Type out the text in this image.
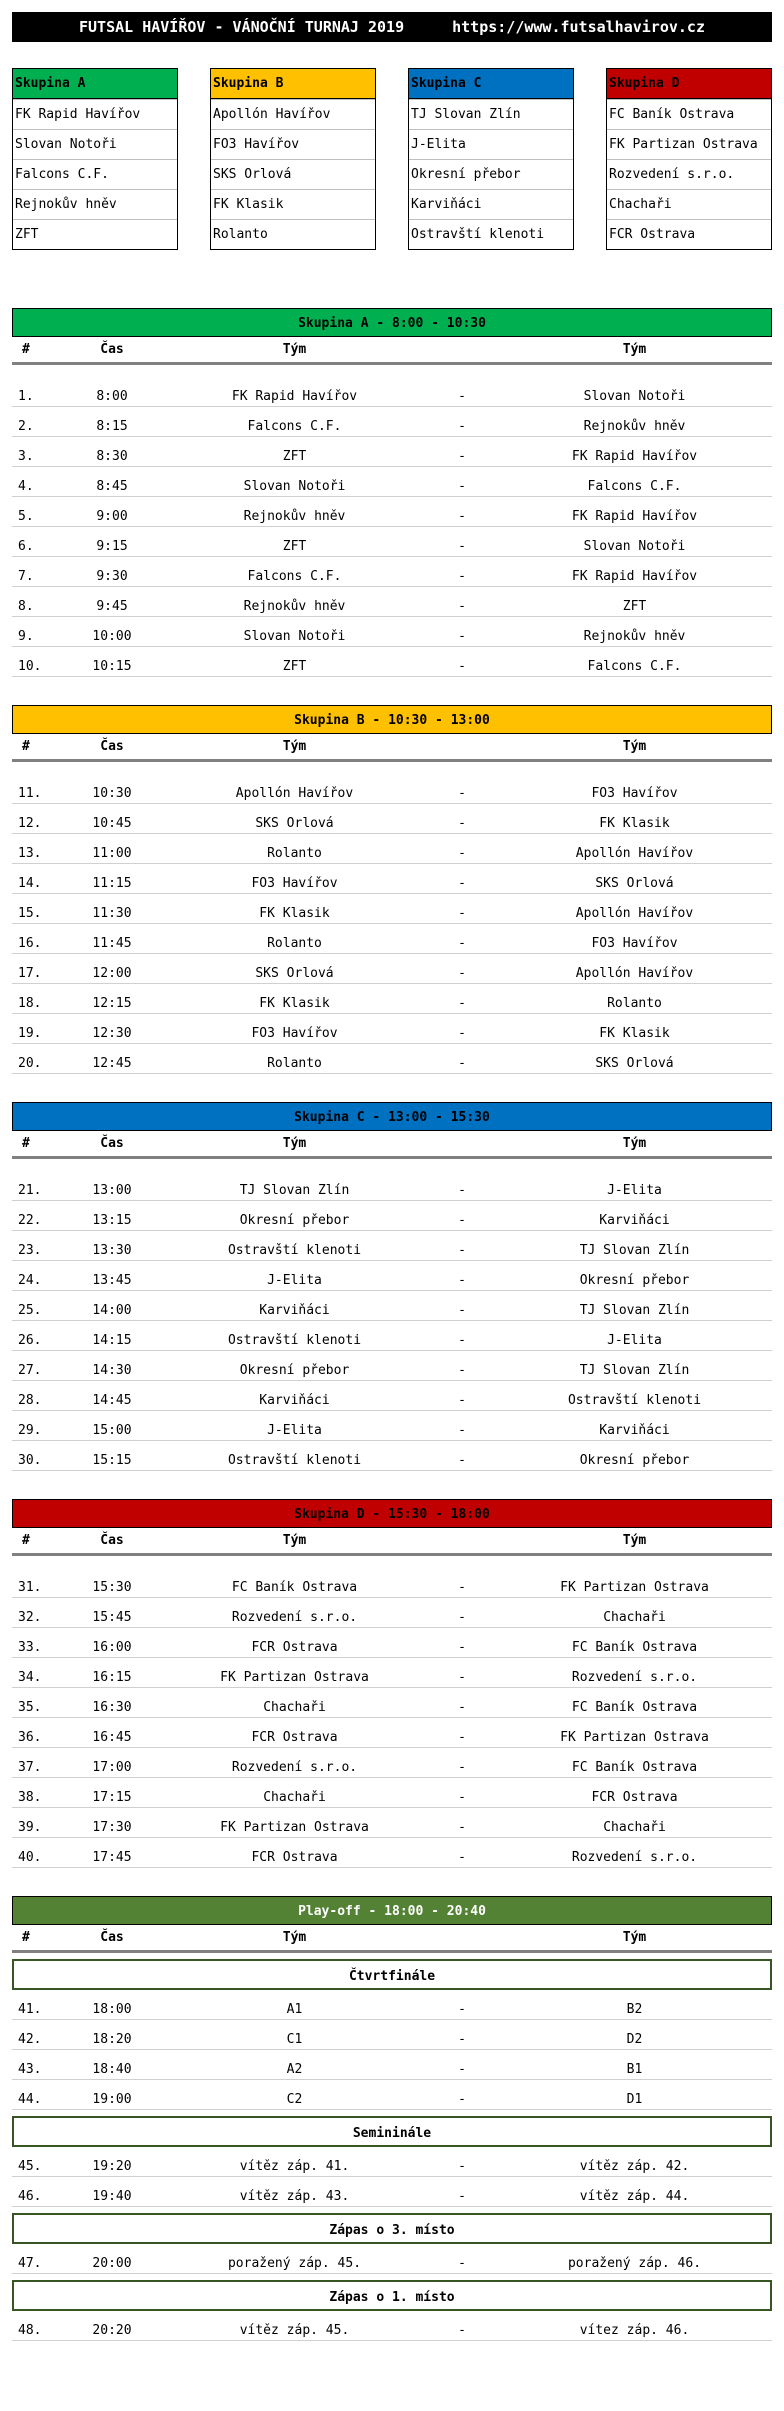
FUTSAL HAVÍŘOV - VÁNOČNÍ TURNAJ 2019	https://www.futsalhavirov.cz
Skupina A
FK Rapid Havířov
Slovan Notoři
Falcons C.F.
Rejnokův hněv
ZFT
Skupina B
Apollón Havířov
FO3 Havířov
SKS Orlová
FK Klasik
Rolanto
Skupina C
TJ Slovan Zlín
J-Elita
Okresní přebor
Karviňáci
Ostravští klenoti
Skupina D
FC Baník Ostrava
FK Partizan Ostrava
Rozvedení s.r.o.
Chachaři
FCR Ostrava
Skupina A - 8:00 - 10:30
#	Čas	Tým	Tým
1.	8:00	FK Rapid Havířov	-	Slovan Notoři
2.	8:15	Falcons C.F.	-	Rejnokův hněv
3.	8:30	ZFT	-	FK Rapid Havířov
4.	8:45	Slovan Notoři	-	Falcons C.F.
5.	9:00	Rejnokův hněv	-	FK Rapid Havířov
6.	9:15	ZFT	-	Slovan Notoři
7.	9:30	Falcons C.F.	-	FK Rapid Havířov
8.	9:45	Rejnokův hněv	-	ZFT
9.	10:00	Slovan Notoři	-	Rejnokův hněv
10.	10:15	ZFT	-	Falcons C.F.
Skupina B - 10:30 - 13:00
#	Čas	Tým	Tým
11.	10:30	Apollón Havířov	-	FO3 Havířov
12.	10:45	SKS Orlová	-	FK Klasik
13.	11:00	Rolanto	-	Apollón Havířov
14.	11:15	FO3 Havířov	-	SKS Orlová
15.	11:30	FK Klasik	-	Apollón Havířov
16.	11:45	Rolanto	-	FO3 Havířov
17.	12:00	SKS Orlová	-	Apollón Havířov
18.	12:15	FK Klasik	-	Rolanto
19.	12:30	FO3 Havířov	-	FK Klasik
20.	12:45	Rolanto	-	SKS Orlová
Skupina C - 13:00 - 15:30
#	Čas	Tým	Tým
21.	13:00	TJ Slovan Zlín	-	J-Elita
22.	13:15	Okresní přebor	-	Karviňáci
23.	13:30	Ostravští klenoti	-	TJ Slovan Zlín
24.	13:45	J-Elita	-	Okresní přebor
25.	14:00	Karviňáci	-	TJ Slovan Zlín
26.	14:15	Ostravští klenoti	-	J-Elita
27.	14:30	Okresní přebor	-	TJ Slovan Zlín
28.	14:45	Karviňáci	-	Ostravští klenoti
29.	15:00	J-Elita	-	Karviňáci
30.	15:15	Ostravští klenoti	-	Okresní přebor
Skupina D - 15:30 - 18:00
#	Čas	Tým	Tým
31.	15:30	FC Baník Ostrava	-	FK Partizan Ostrava
32.	15:45	Rozvedení s.r.o.	-	Chachaři
33.	16:00	FCR Ostrava	-	FC Baník Ostrava
34.	16:15	FK Partizan Ostrava	-	Rozvedení s.r.o.
35.	16:30	Chachaři	-	FC Baník Ostrava
36.	16:45	FCR Ostrava	-	FK Partizan Ostrava
37.	17:00	Rozvedení s.r.o.	-	FC Baník Ostrava
38.	17:15	Chachaři	-	FCR Ostrava
39.	17:30	FK Partizan Ostrava	-	Chachaři
40.	17:45	FCR Ostrava	-	Rozvedení s.r.o.
Play-off - 18:00 - 20:40
#	Čas	Tým	Tým
Čtvrtfinále
41.	18:00	A1	-	B2
42.	18:20	C1	-	D2
43.	18:40	A2	-	B1
44.	19:00	C2	-	D1
Semininále
45.	19:20	vítěz záp. 41.	-	vítěz záp. 42.
46.	19:40	vítěz záp. 43.	-	vítěz záp. 44.
Zápas o 3. místo
47.	20:00	poražený záp. 45.	-	poražený záp. 46.
Zápas o 1. místo
48.	20:20	vítěz záp. 45.	-	vítez záp. 46.
